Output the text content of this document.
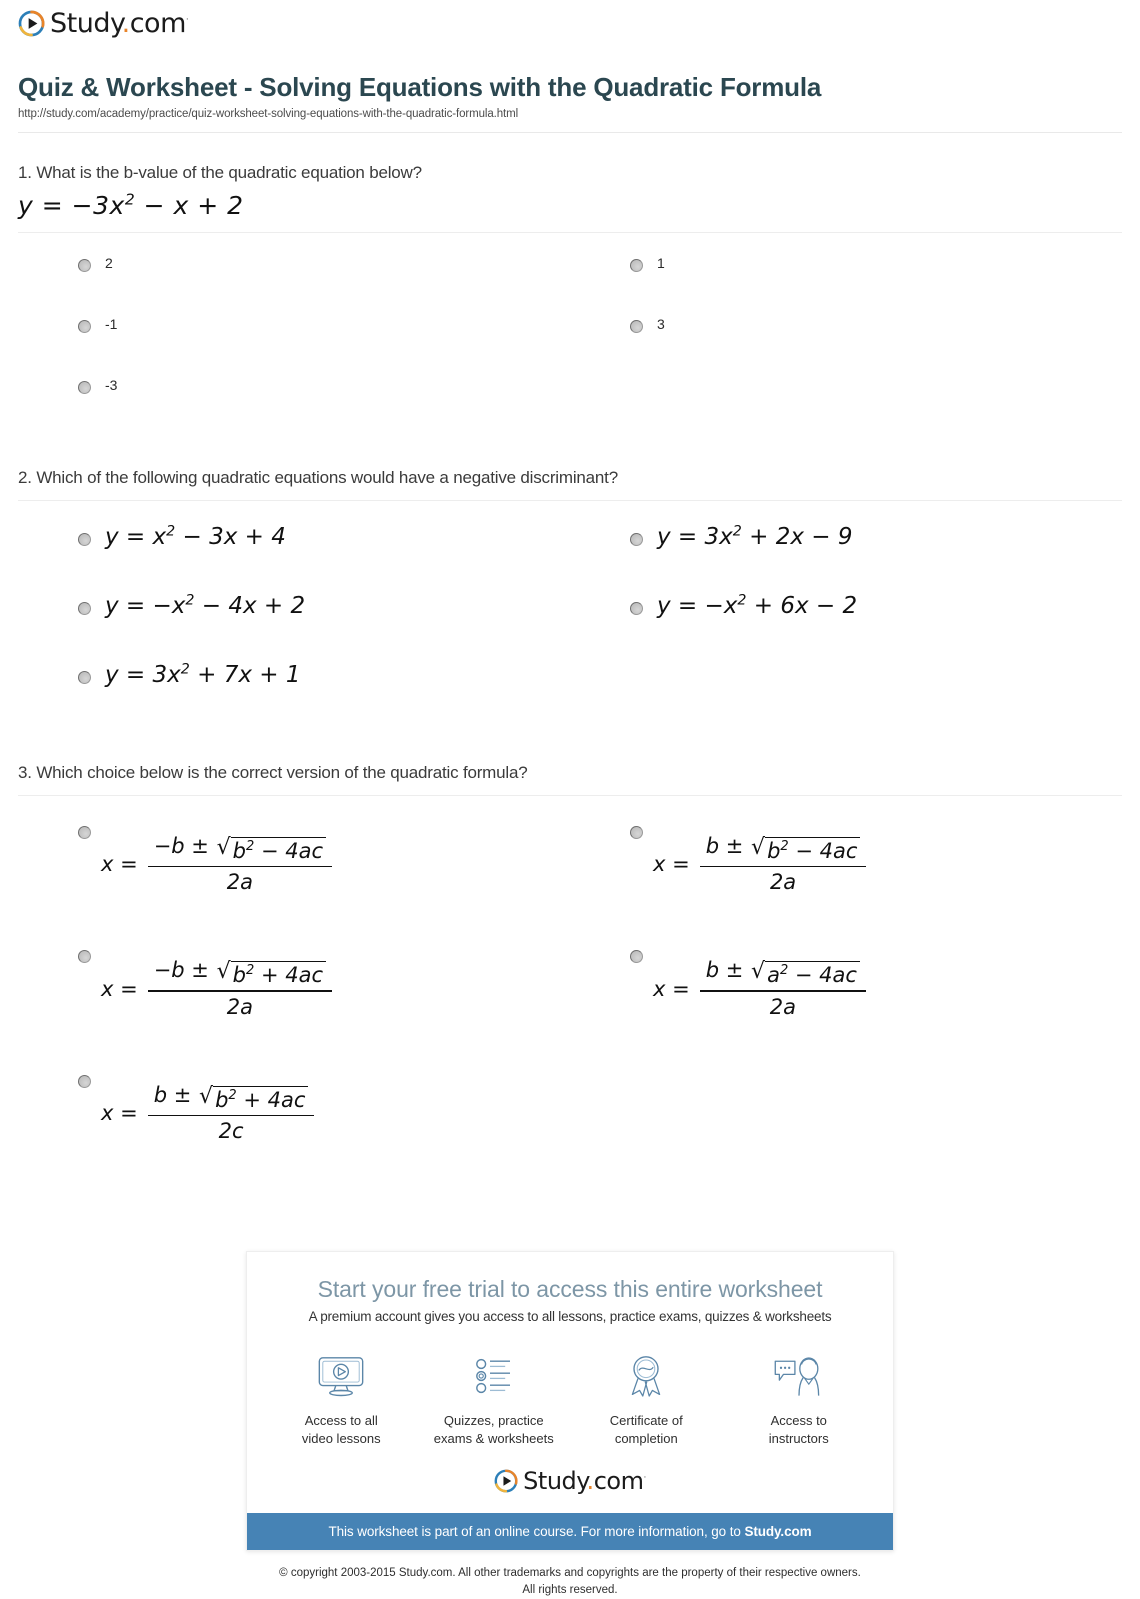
Study.com·
Quiz & Worksheet - Solving Equations with the Quadratic Formula
http://study.com/academy/practice/quiz-worksheet-solving-equations-with-the-quadratic-formula.html
1. What is the b-value of the quadratic equation below?
$y = -3x^2 - x + 2$
2	1
-1	3
-3
2. Which of the following quadratic equations would have a negative discriminant?
$y = x^2 - 3x + 4$	$y = 3x^2 + 2x - 9$
$y = -x^2 - 4x + 2$	$y = -x^2 + 6x - 2$
$y = 3x^2 + 7x + 1$
3. Which choice below is the correct version of the quadratic formula?
$x = \frac{-b \pm √ b^2 - 4ac}{2a}$	$x = \frac{b \pm √ b^2 - 4ac}{2a}$
$x = \frac{-b \pm √ b^2 + 4ac}{2a}$	$x = \frac{b \pm √ a^2 - 4ac}{2a}$
$x = \frac{b \pm √ b^2 + 4ac}{2c}$
Start your free trial to access this entire worksheet
A premium account gives you access to all lessons, practice exams, quizzes & worksheets
Access to all
video lessons
Quizzes, practice
exams & worksheets
Certificate of
completion
Access to
instructors
Study.com·
This worksheet is part of an online course. For more information, go to Study.com
© copyright 2003-2015 Study.com. All other trademarks and copyrights are the property of their respective owners.
All rights reserved.
